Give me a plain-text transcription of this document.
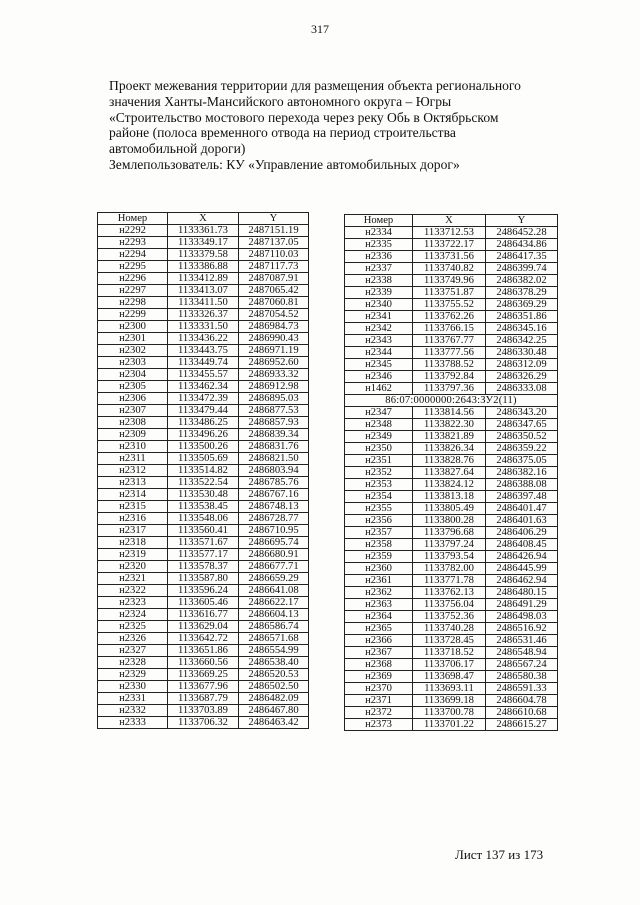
317
Проект межевания территории для размещения объекта регионального
значения Ханты-Мансийского автономного округа – Югры
«Строительство мостового перехода через реку Обь в Октябрьском
районе (полоса временного отвода на период строительства
автомобильной дороги)
Землепользователь: КУ «Управление автомобильных дорог»
Номер	X	Y
н2292	1133361.73	2487151.19
н2293	1133349.17	2487137.05
н2294	1133379.58	2487110.03
н2295	1133386.88	2487117.73
н2296	1133412.89	2487087.91
н2297	1133413.07	2487065.42
н2298	1133411.50	2487060.81
н2299	1133326.37	2487054.52
н2300	1133331.50	2486984.73
н2301	1133436.22	2486990.43
н2302	1133443.75	2486971.19
н2303	1133449.74	2486952.60
н2304	1133455.57	2486933.32
н2305	1133462.34	2486912.98
н2306	1133472.39	2486895.03
н2307	1133479.44	2486877.53
н2308	1133486.25	2486857.93
н2309	1133496.26	2486839.34
н2310	1133500.26	2486831.76
н2311	1133505.69	2486821.50
н2312	1133514.82	2486803.94
н2313	1133522.54	2486785.76
н2314	1133530.48	2486767.16
н2315	1133538.45	2486748.13
н2316	1133548.06	2486728.77
н2317	1133560.41	2486710.95
н2318	1133571.67	2486695.74
н2319	1133577.17	2486680.91
н2320	1133578.37	2486677.71
н2321	1133587.80	2486659.29
н2322	1133596.24	2486641.08
н2323	1133605.46	2486622.17
н2324	1133616.77	2486604.13
н2325	1133629.04	2486586.74
н2326	1133642.72	2486571.68
н2327	1133651.86	2486554.99
н2328	1133660.56	2486538.40
н2329	1133669.25	2486520.53
н2330	1133677.96	2486502.50
н2331	1133687.79	2486482.09
н2332	1133703.89	2486467.80
н2333	1133706.32	2486463.42
Номер	X	Y
н2334	1133712.53	2486452.28
н2335	1133722.17	2486434.86
н2336	1133731.56	2486417.35
н2337	1133740.82	2486399.74
н2338	1133749.96	2486382.02
н2339	1133751.87	2486378.29
н2340	1133755.52	2486369.29
н2341	1133762.26	2486351.86
н2342	1133766.15	2486345.16
н2343	1133767.77	2486342.25
н2344	1133777.56	2486330.48
н2345	1133788.52	2486312.09
н2346	1133792.84	2486326.29
н1462	1133797.36	2486333.08
86:07:0000000:2643:ЗУ2(11)		
н2347	1133814.56	2486343.20
н2348	1133822.30	2486347.65
н2349	1133821.89	2486350.52
н2350	1133826.34	2486359.22
н2351	1133828.76	2486375.05
н2352	1133827.64	2486382.16
н2353	1133824.12	2486388.08
н2354	1133813.18	2486397.48
н2355	1133805.49	2486401.47
н2356	1133800.28	2486401.63
н2357	1133796.68	2486406.29
н2358	1133797.24	2486408.45
н2359	1133793.54	2486426.94
н2360	1133782.00	2486445.99
н2361	1133771.78	2486462.94
н2362	1133762.13	2486480.15
н2363	1133756.04	2486491.29
н2364	1133752.36	2486498.03
н2365	1133740.28	2486516.92
н2366	1133728.45	2486531.46
н2367	1133718.52	2486548.94
н2368	1133706.17	2486567.24
н2369	1133698.47	2486580.38
н2370	1133693.11	2486591.33
н2371	1133699.18	2486604.78
н2372	1133700.78	2486610.68
н2373	1133701.22	2486615.27
Лист 137 из 173
